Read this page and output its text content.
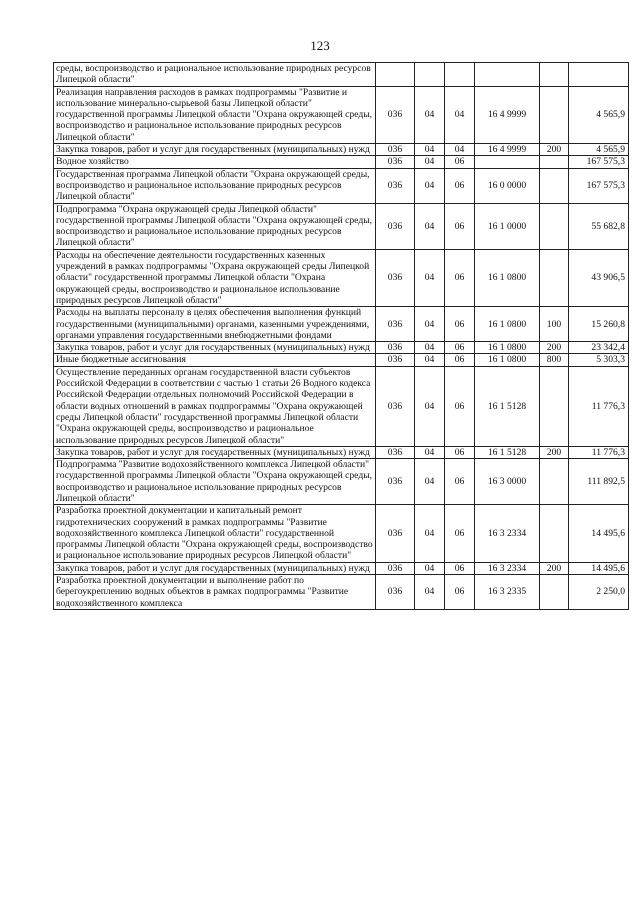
123
среды, воспроизводство и рациональное использование природных ресурсов Липецкой области"						
Реализация направления расходов в рамках подпрограммы "Развитие и использование минерально-сырьевой базы Липецкой области" государственной программы Липецкой области "Охрана окружающей среды, воспроизводство и рациональное использование природных ресурсов Липецкой области"	036	04	04	16 4 9999		4 565,9
Закупка товаров, работ и услуг для государственных (муниципальных) нужд	036	04	04	16 4 9999	200	4 565,9
Водное хозяйство	036	04	06			167 575,3
Государственная программа Липецкой области "Охрана окружающей среды, воспроизводство и рациональное использование природных ресурсов Липецкой области"	036	04	06	16 0 0000		167 575,3
Подпрограмма "Охрана окружающей среды Липецкой области" государственной программы Липецкой области "Охрана окружающей среды, воспроизводство и рациональное использование природных ресурсов Липецкой области"	036	04	06	16 1 0000		55 682,8
Расходы на обеспечение деятельности государственных казенных учреждений в рамках подпрограммы "Охрана окружающей среды Липецкой области" государственной программы Липецкой области "Охрана окружающей среды, воспроизводство и рациональное использование природных ресурсов Липецкой области"	036	04	06	16 1 0800		43 906,5
Расходы на выплаты персоналу в целях обеспечения выполнения функций государственными (муниципальными) органами, казенными учреждениями, органами управления государственными внебюджетными фондами	036	04	06	16 1 0800	100	15 260,8
Закупка товаров, работ и услуг для государственных (муниципальных) нужд	036	04	06	16 1 0800	200	23 342,4
Иные бюджетные ассигнования	036	04	06	16 1 0800	800	5 303,3
Осуществление переданных органам государственной власти субъектов Российской Федерации в соответствии с частью 1 статьи 26 Водного кодекса Российской Федерации отдельных полномочий Российской Федерации в области водных отношений в рамках подпрограммы "Охрана окружающей среды Липецкой области" государственной программы Липецкой области "Охрана окружающей среды, воспроизводство и рациональное использование природных ресурсов Липецкой области"	036	04	06	16 1 5128		11 776,3
Закупка товаров, работ и услуг для государственных (муниципальных) нужд	036	04	06	16 1 5128	200	11 776,3
Подпрограмма "Развитие водохозяйственного комплекса Липецкой области" государственной программы Липецкой области "Охрана окружающей среды, воспроизводство и рациональное использование природных ресурсов Липецкой области"	036	04	06	16 3 0000		111 892,5
Разработка проектной документации и капитальный ремонт гидротехнических сооружений в рамках подпрограммы "Развитие водохозяйственного комплекса Липецкой области" государственной программы Липецкой области "Охрана окружающей среды, воспроизводство и рациональное использование природных ресурсов Липецкой области"	036	04	06	16 3 2334		14 495,6
Закупка товаров, работ и услуг для государственных (муниципальных) нужд	036	04	06	16 3 2334	200	14 495,6
Разработка проектной документации и выполнение работ по берегоукреплению водных объектов в рамках подпрограммы "Развитие водохозяйственного комплекса	036	04	06	16 3 2335		2 250,0
